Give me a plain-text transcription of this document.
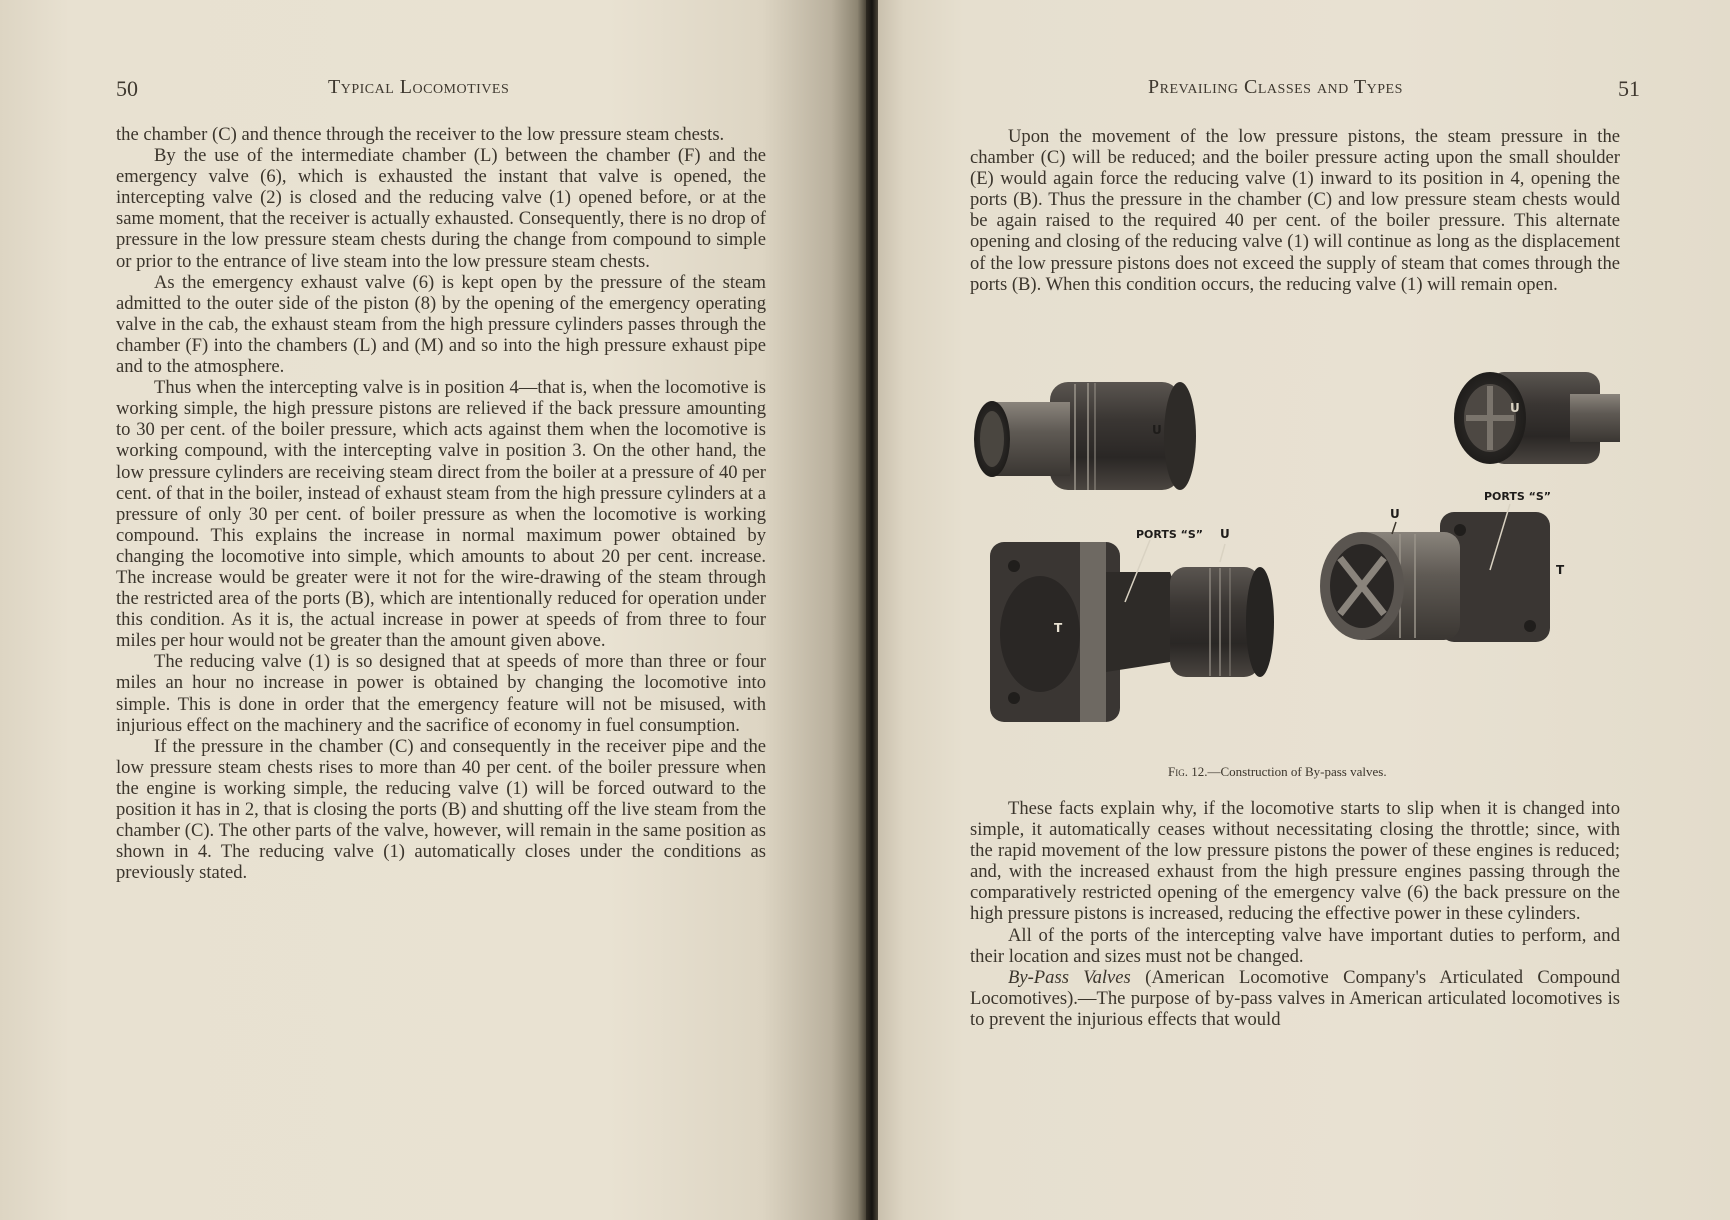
50	Typical Locomotives

the chamber (C) and thence through the receiver to the low pressure steam chests.

By the use of the intermediate chamber (L) between the chamber (F) and the emergency valve (6), which is exhausted the instant that valve is opened, the intercepting valve (2) is closed and the reducing valve (1) opened before, or at the same moment, that the receiver is actually exhausted. Consequently, there is no drop of pressure in the low pressure steam chests during the change from compound to simple or prior to the entrance of live steam into the low pressure steam chests.

As the emergency exhaust valve (6) is kept open by the pressure of the steam admitted to the outer side of the piston (8) by the opening of the emergency operating valve in the cab, the exhaust steam from the high pressure cylinders passes through the chamber (F) into the chambers (L) and (M) and so into the high pressure exhaust pipe and to the atmosphere.

Thus when the intercepting valve is in position 4—that is, when the locomotive is working simple, the high pressure pistons are relieved if the back pressure amounting to 30 per cent. of the boiler pressure, which acts against them when the locomotive is working compound, with the intercepting valve in position 3. On the other hand, the low pressure cylinders are receiving steam direct from the boiler at a pressure of 40 per cent. of that in the boiler, instead of exhaust steam from the high pressure cylinders at a pressure of only 30 per cent. of boiler pressure as when the locomotive is working compound. This explains the increase in normal maximum power obtained by changing the locomotive into simple, which amounts to about 20 per cent. increase. The increase would be greater were it not for the wire-drawing of the steam through the restricted area of the ports (B), which are intentionally reduced for operation under this condition. As it is, the actual increase in power at speeds of from three to four miles per hour would not be greater than the amount given above.

The reducing valve (1) is so designed that at speeds of more than three or four miles an hour no increase in power is obtained by changing the locomotive into simple. This is done in order that the emergency feature will not be misused, with injurious effect on the machinery and the sacrifice of economy in fuel consumption.

If the pressure in the chamber (C) and consequently in the receiver pipe and the low pressure steam chests rises to more than 40 per cent. of the boiler pressure when the engine is working simple, the reducing valve (1) will be forced outward to the position it has in 2, that is closing the ports (B) and shutting off the live steam from the chamber (C). The other parts of the valve, however, will remain in the same position as shown in 4. The reducing valve (1) automatically closes under the conditions as previously stated.

Prevailing Classes and Types	51

Upon the movement of the low pressure pistons, the steam pressure in the chamber (C) will be reduced; and the boiler pressure acting upon the small shoulder (E) would again force the reducing valve (1) inward to its position in 4, opening the ports (B). Thus the pressure in the chamber (C) and low pressure steam chests would be again raised to the required 40 per cent. of the boiler pressure. This alternate opening and closing of the reducing valve (1) will continue as long as the displacement of the low pressure pistons does not exceed the supply of steam that comes through the ports (B). When this condition occurs, the reducing valve (1) will remain open.

U
U
PORTS “S” U
T
PORTS “S”
U
T
Fig. 12.—Construction of By-pass valves.

These facts explain why, if the locomotive starts to slip when it is changed into simple, it automatically ceases without necessitating closing the throttle; since, with the rapid movement of the low pressure pistons the power of these engines is reduced; and, with the increased exhaust from the high pressure engines passing through the comparatively restricted opening of the emergency valve (6) the back pressure on the high pressure pistons is increased, reducing the effective power in these cylinders.

All of the ports of the intercepting valve have important duties to perform, and their location and sizes must not be changed.

By-Pass Valves (American Locomotive Company's Articulated Compound Locomotives).—The purpose of by-pass valves in American articulated locomotives is to prevent the injurious effects that would
